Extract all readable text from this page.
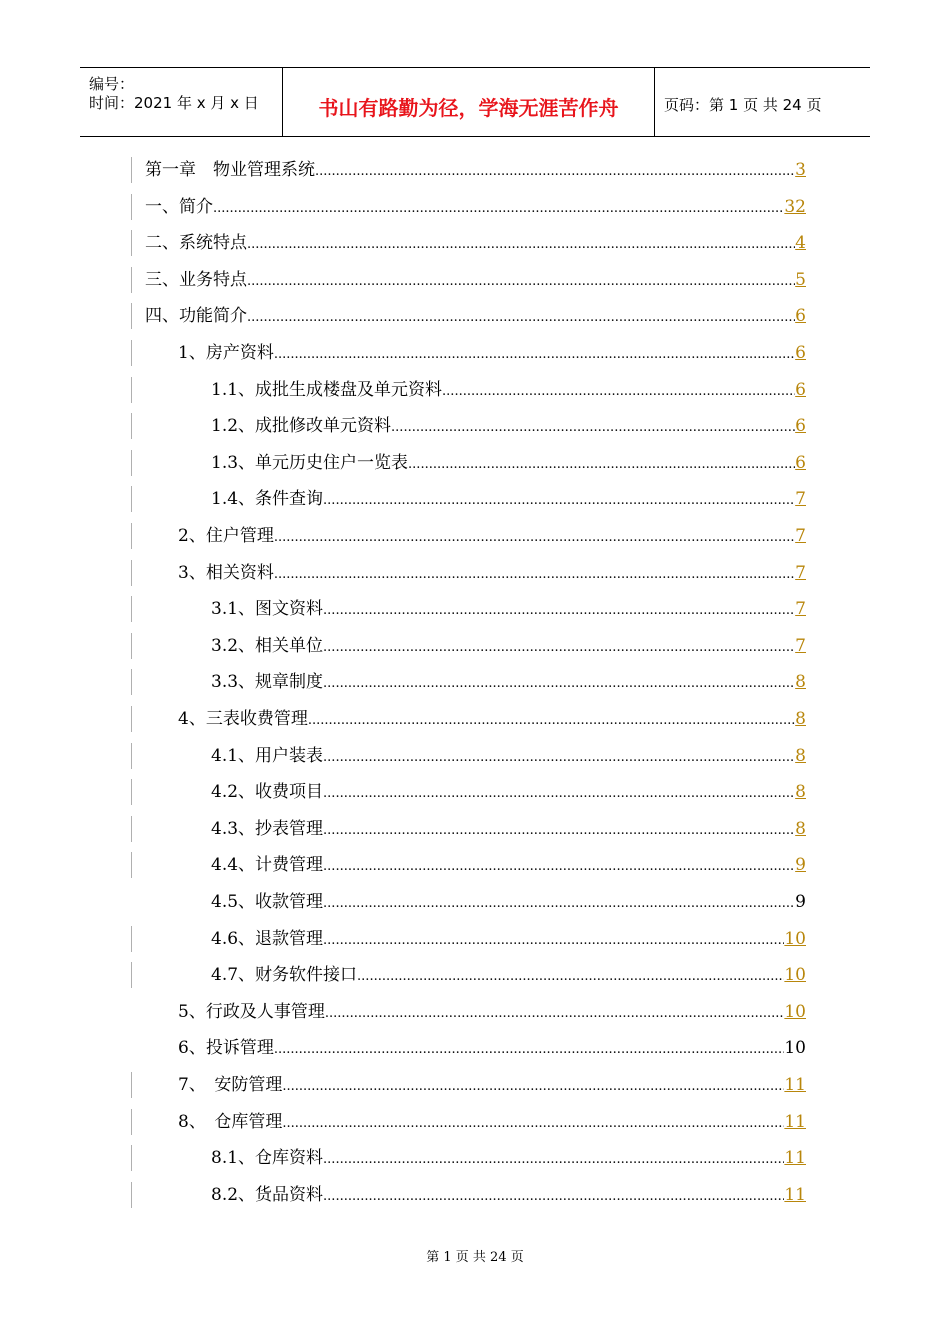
编号：
时间：2021 年 x 月 x 日	书山有路勤为径，学海无涯苦作舟	页码：第 1 页 共 24 页
第一章　物业管理系统 .....	3
一、简介 .....	32
二、系统特点 .....	4
三、业务特点 .....	5
四、功能简介 .....	6
1、房产资料 .....	6
1.1、成批生成楼盘及单元资料 .....	6
1.2、成批修改单元资料 .....	6
1.3、单元历史住户一览表 .....	6
1.4、条件查询 .....	7
2、住户管理 .....	7
3、相关资料 .....	7
3.1、图文资料 .....	7
3.2、相关单位 .....	7
3.3、规章制度 .....	8
4、三表收费管理 .....	8
4.1、用户装表 .....	8
4.2、收费项目 .....	8
4.3、抄表管理 .....	8
4.4、计费管理 .....	9
4.5、收款管理 .....	9
4.6、退款管理 .....	10
4.7、财务软件接口 .....	10
5、行政及人事管理 .....	10
6、投诉管理 .....	10
7、　安防管理 .....	11
8、　仓库管理 .....	11
8.1、仓库资料 .....	11
8.2、货品资料 .....	11
第 1 页 共 24 页
